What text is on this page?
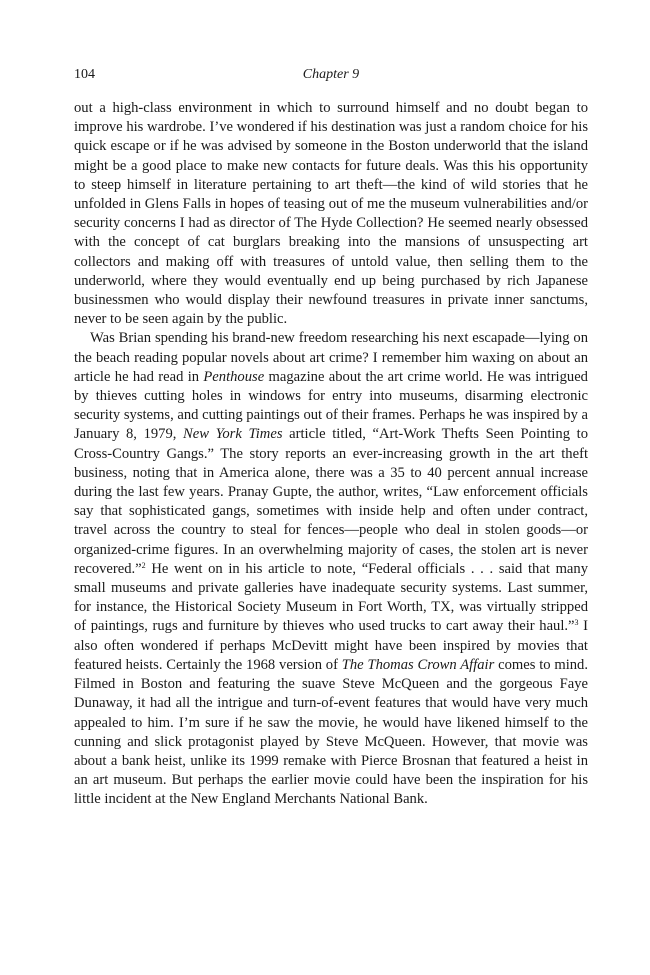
104	Chapter 9

out a high-class environment in which to surround himself and no doubt began to improve his wardrobe. I’ve wondered if his destination was just a random choice for his quick escape or if he was advised by someone in the Boston underworld that the island might be a good place to make new contacts for future deals. Was this his opportunity to steep himself in literature pertaining to art theft—the kind of wild stories that he unfolded in Glens Falls in hopes of teasing out of me the museum vulnerabilities and/or security concerns I had as director of The Hyde Collection? He seemed nearly obsessed with the concept of cat burglars breaking into the mansions of unsuspecting art collectors and making off with treasures of untold value, then selling them to the underworld, where they would eventually end up being purchased by rich Japanese businessmen who would display their newfound treasures in private inner sanctums, never to be seen again by the public.

Was Brian spending his brand-new freedom researching his next escapade—lying on the beach reading popular novels about art crime? I remember him waxing on about an article he had read in Penthouse magazine about the art crime world. He was intrigued by thieves cutting holes in windows for entry into museums, disarming electronic security systems, and cutting paintings out of their frames. Perhaps he was inspired by a January 8, 1979, New York Times article titled, “Art-Work Thefts Seen Pointing to Cross-Country Gangs.” The story reports an ever-increasing growth in the art theft business, noting that in America alone, there was a 35 to 40 percent annual increase during the last few years. Pranay Gupte, the author, writes, “Law enforcement officials say that sophisticated gangs, sometimes with inside help and often under contract, travel across the country to steal for fences—people who deal in stolen goods—or organized-crime figures. In an overwhelming majority of cases, the stolen art is never recovered.”$^2$ He went on in his article to note, “Federal officials . . . said that many small museums and private galleries have inadequate security systems. Last summer, for instance, the Historical Society Museum in Fort Worth, TX, was virtually stripped of paintings, rugs and furniture by thieves who used trucks to cart away their haul.”$^3$ I also often wondered if perhaps McDevitt might have been inspired by movies that featured heists. Certainly the 1968 version of The Thomas Crown Affair comes to mind. Filmed in Boston and featuring the suave Steve McQueen and the gorgeous Faye Dunaway, it had all the intrigue and turn-of-event features that would have very much appealed to him. I’m sure if he saw the movie, he would have likened himself to the cunning and slick protagonist played by Steve McQueen. However, that movie was about a bank heist, unlike its 1999 remake with Pierce Brosnan that featured a heist in an art museum. But perhaps the earlier movie could have been the inspiration for his little incident at the New England Merchants National Bank.
